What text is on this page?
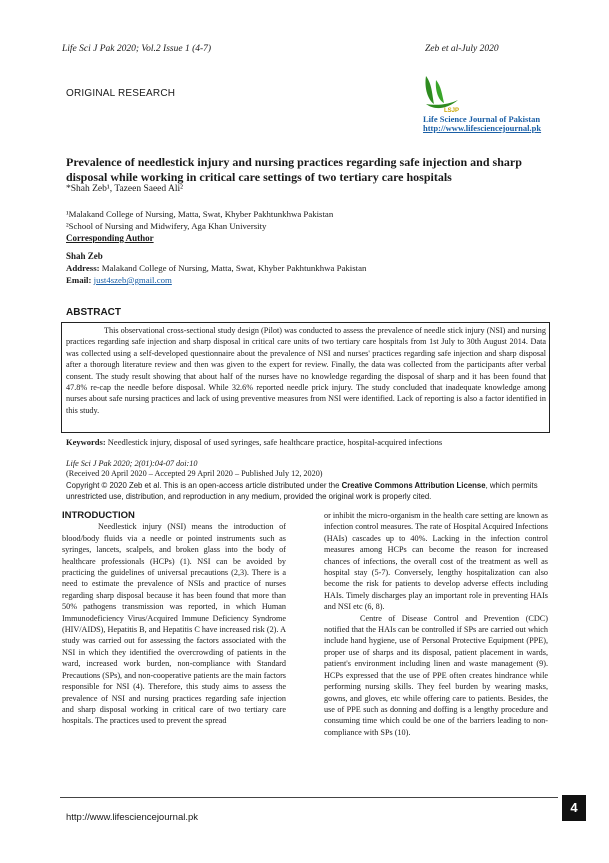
Life Sci J Pak 2020; Vol.2 Issue 1 (4-7)	Zeb et al-July 2020
ORIGINAL RESEARCH
LSJP
Life Science Journal of Pakistan
http://www.lifesciencejournal.pk
Prevalence of needlestick injury and nursing practices regarding safe injection and sharp disposal while working in critical care settings of two tertiary care hospitals
*Shah Zeb¹, Tazeen Saeed Ali²
¹Malakand College of Nursing, Matta, Swat, Khyber Pakhtunkhwa Pakistan
²School of Nursing and Midwifery, Aga Khan University
Corresponding Author
Shah Zeb
Address: Malakand College of Nursing, Matta, Swat, Khyber Pakhtunkhwa Pakistan
Email: just4szeb@gmail.com
ABSTRACT
This observational cross-sectional study design (Pilot) was conducted to assess the prevalence of needle stick injury (NSI) and nursing practices regarding safe injection and sharp disposal in critical care units of two tertiary care hospitals from 1st July to 30th August 2014. Data was collected using a self-developed questionnaire about the prevalence of NSI and nurses' practices regarding safe injection and sharp disposal after a thorough literature review and then was given to the expert for review. Finally, the data was collected from the participants after verbal consent. The study result showing that about half of the nurses have no knowledge regarding the disposal of sharp and it has been found that 47.8% re-cap the needle before disposal. While 32.6% reported needle prick injury. The study concluded that inadequate knowledge among nurses about safe nursing practices and lack of using preventive measures from NSI were identified. Lack of reporting is also a factor identified in this study.
Keywords: Needlestick injury, disposal of used syringes, safe healthcare practice, hospital-acquired infections
Life Sci J Pak 2020; 2(01):04-07 doi:10
(Received 20 April 2020 – Accepted 29 April 2020 – Published July 12, 2020)
Copyright © 2020 Zeb et al. This is an open-access article distributed under the Creative Commons Attribution License, which permits unrestricted use, distribution, and reproduction in any medium, provided the original work is properly cited.
INTRODUCTION

Needlestick injury (NSI) means the introduction of blood/body fluids via a needle or pointed instruments such as syringes, lancets, scalpels, and broken glass into the body of healthcare professionals (HCPs) (1). NSI can be avoided by practicing the guidelines of universal precautions (2,3). There is a need to estimate the prevalence of NSIs and practice of nurses regarding sharp disposal because it has been found that more than 50% pathogens transmission was reported, in which Human Immunodeficiency Virus/Acquired Immune Deficiency Syndrome (HIV/AIDS), Hepatitis B, and Hepatitis C have increased risk (2). A study was carried out for assessing the factors associated with the NSI in which they identified the overcrowding of patients in the ward, increased work burden, non-compliance with Standard Precautions (SPs), and non-cooperative patients are the main factors responsible for NSI (4). Therefore, this study aims to assess the prevalence of NSI and nursing practices regarding safe injection and sharp disposal working in critical care of two tertiary care hospitals. The practices used to prevent the spread

or inhibit the micro-organism in the health care setting are known as infection control measures. The rate of Hospital Acquired Infections (HAIs) cascades up to 40%. Lacking in the infection control measures among HCPs can become the reason for increased chances of infections, the overall cost of the treatment as well as hospital stay (5-7). Conversely, lengthy hospitalization can also become the risk for patients to develop adverse effects including HAIs. Timely discharges play an important role in preventing HAIs and NSI etc (6, 8).

Centre of Disease Control and Prevention (CDC) notified that the HAIs can be controlled if SPs are carried out which include hand hygiene, use of Personal Protective Equipment (PPE), proper use of sharps and its disposal, patient placement in wards, patient's environment including linen and waste management (9). HCPs expressed that the use of PPE often creates hindrance while performing nursing skills. They feel burden by wearing masks, gowns, and gloves, etc while offering care to patients. Besides, the use of PPE such as donning and doffing is a lengthy procedure and consuming time which could be one of the barriers leading to non-compliance with SPs (10).

http://www.lifesciencejournal.pk
4
